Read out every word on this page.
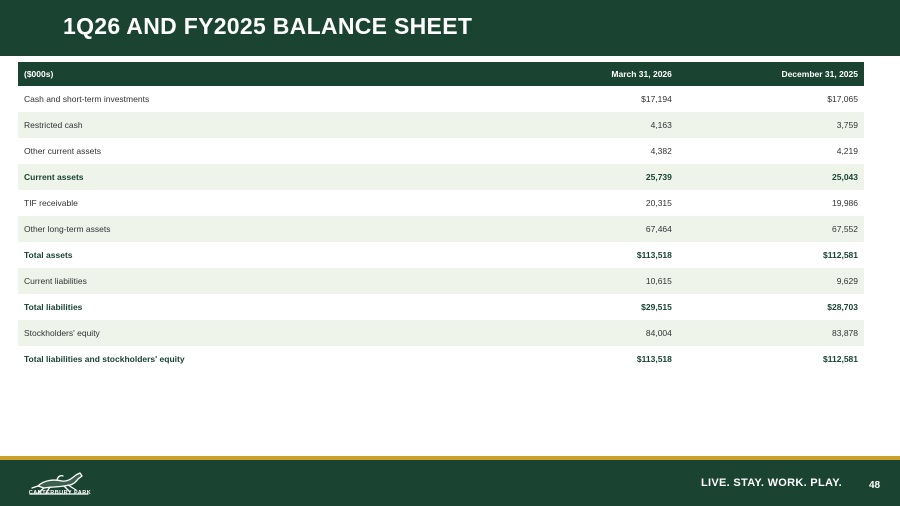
1Q26 AND FY2025 BALANCE SHEET
($000s)	March 31, 2026	December 31, 2025
Cash and short-term investments	$17,194	$17,065
Restricted cash	4,163	3,759
Other current assets	4,382	4,219
Current assets	25,739	25,043
TIF receivable	20,315	19,986
Other long-term assets	67,464	67,552
Total assets	$113,518	$112,581
Current liabilities	10,615	9,629
Total liabilities	$29,515	$28,703
Stockholders' equity	84,004	83,878
Total liabilities and stockholders' equity	$113,518	$112,581
CANTERBURY PARK
LIVE. STAY. WORK. PLAY.	48
